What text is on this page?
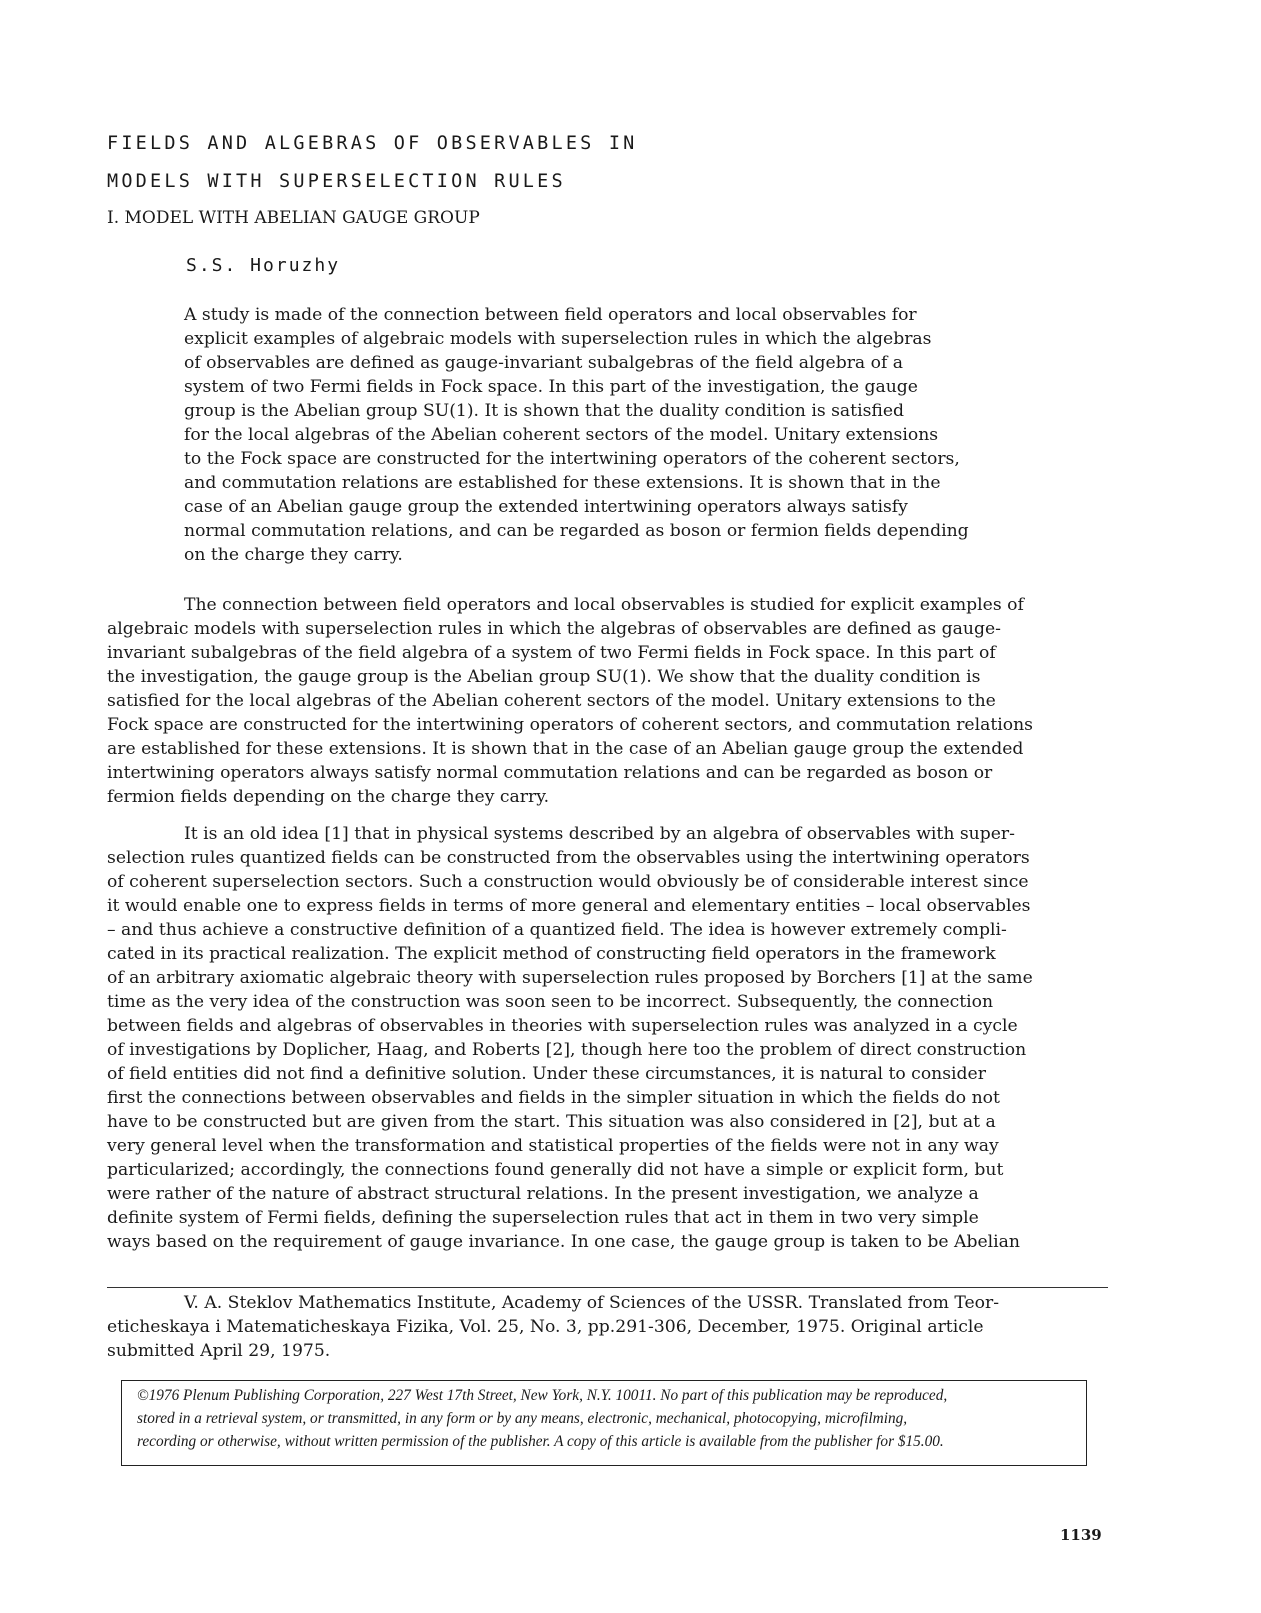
FIELDS AND ALGEBRAS OF OBSERVABLES IN
MODELS WITH SUPERSELECTION RULES
I. MODEL WITH ABELIAN GAUGE GROUP
S.S. Horuzhy
A study is made of the connection between field operators and local observables for
explicit examples of algebraic models with superselection rules in which the algebras
of observables are defined as gauge-invariant subalgebras of the field algebra of a
system of two Fermi fields in Fock space. In this part of the investigation, the gauge
group is the Abelian group SU(1). It is shown that the duality condition is satisfied
for the local algebras of the Abelian coherent sectors of the model. Unitary extensions
to the Fock space are constructed for the intertwining operators of the coherent sectors,
and commutation relations are established for these extensions. It is shown that in the
case of an Abelian gauge group the extended intertwining operators always satisfy
normal commutation relations, and can be regarded as boson or fermion fields depending
on the charge they carry.
The connection between field operators and local observables is studied for explicit examples of
algebraic models with superselection rules in which the algebras of observables are defined as gauge-
invariant subalgebras of the field algebra of a system of two Fermi fields in Fock space. In this part of
the investigation, the gauge group is the Abelian group SU(1). We show that the duality condition is
satisfied for the local algebras of the Abelian coherent sectors of the model. Unitary extensions to the
Fock space are constructed for the intertwining operators of coherent sectors, and commutation relations
are established for these extensions. It is shown that in the case of an Abelian gauge group the extended
intertwining operators always satisfy normal commutation relations and can be regarded as boson or
fermion fields depending on the charge they carry.
It is an old idea [1] that in physical systems described by an algebra of observables with super-
selection rules quantized fields can be constructed from the observables using the intertwining operators
of coherent superselection sectors. Such a construction would obviously be of considerable interest since
it would enable one to express fields in terms of more general and elementary entities – local observables
– and thus achieve a constructive definition of a quantized field. The idea is however extremely compli-
cated in its practical realization. The explicit method of constructing field operators in the framework
of an arbitrary axiomatic algebraic theory with superselection rules proposed by Borchers [1] at the same
time as the very idea of the construction was soon seen to be incorrect. Subsequently, the connection
between fields and algebras of observables in theories with superselection rules was analyzed in a cycle
of investigations by Doplicher, Haag, and Roberts [2], though here too the problem of direct construction
of field entities did not find a definitive solution. Under these circumstances, it is natural to consider
first the connections between observables and fields in the simpler situation in which the fields do not
have to be constructed but are given from the start. This situation was also considered in [2], but at a
very general level when the transformation and statistical properties of the fields were not in any way
particularized; accordingly, the connections found generally did not have a simple or explicit form, but
were rather of the nature of abstract structural relations. In the present investigation, we analyze a
definite system of Fermi fields, defining the superselection rules that act in them in two very simple
ways based on the requirement of gauge invariance. In one case, the gauge group is taken to be Abelian
V. A. Steklov Mathematics Institute, Academy of Sciences of the USSR. Translated from Teor-
eticheskaya i Matematicheskaya Fizika, Vol. 25, No. 3, pp.291-306, December, 1975. Original article
submitted April 29, 1975.
©1976 Plenum Publishing Corporation, 227 West 17th Street, New York, N.Y. 10011. No part of this publication may be reproduced,
stored in a retrieval system, or transmitted, in any form or by any means, electronic, mechanical, photocopying, microfilming,
recording or otherwise, without written permission of the publisher. A copy of this article is available from the publisher for $15.00.
1139
